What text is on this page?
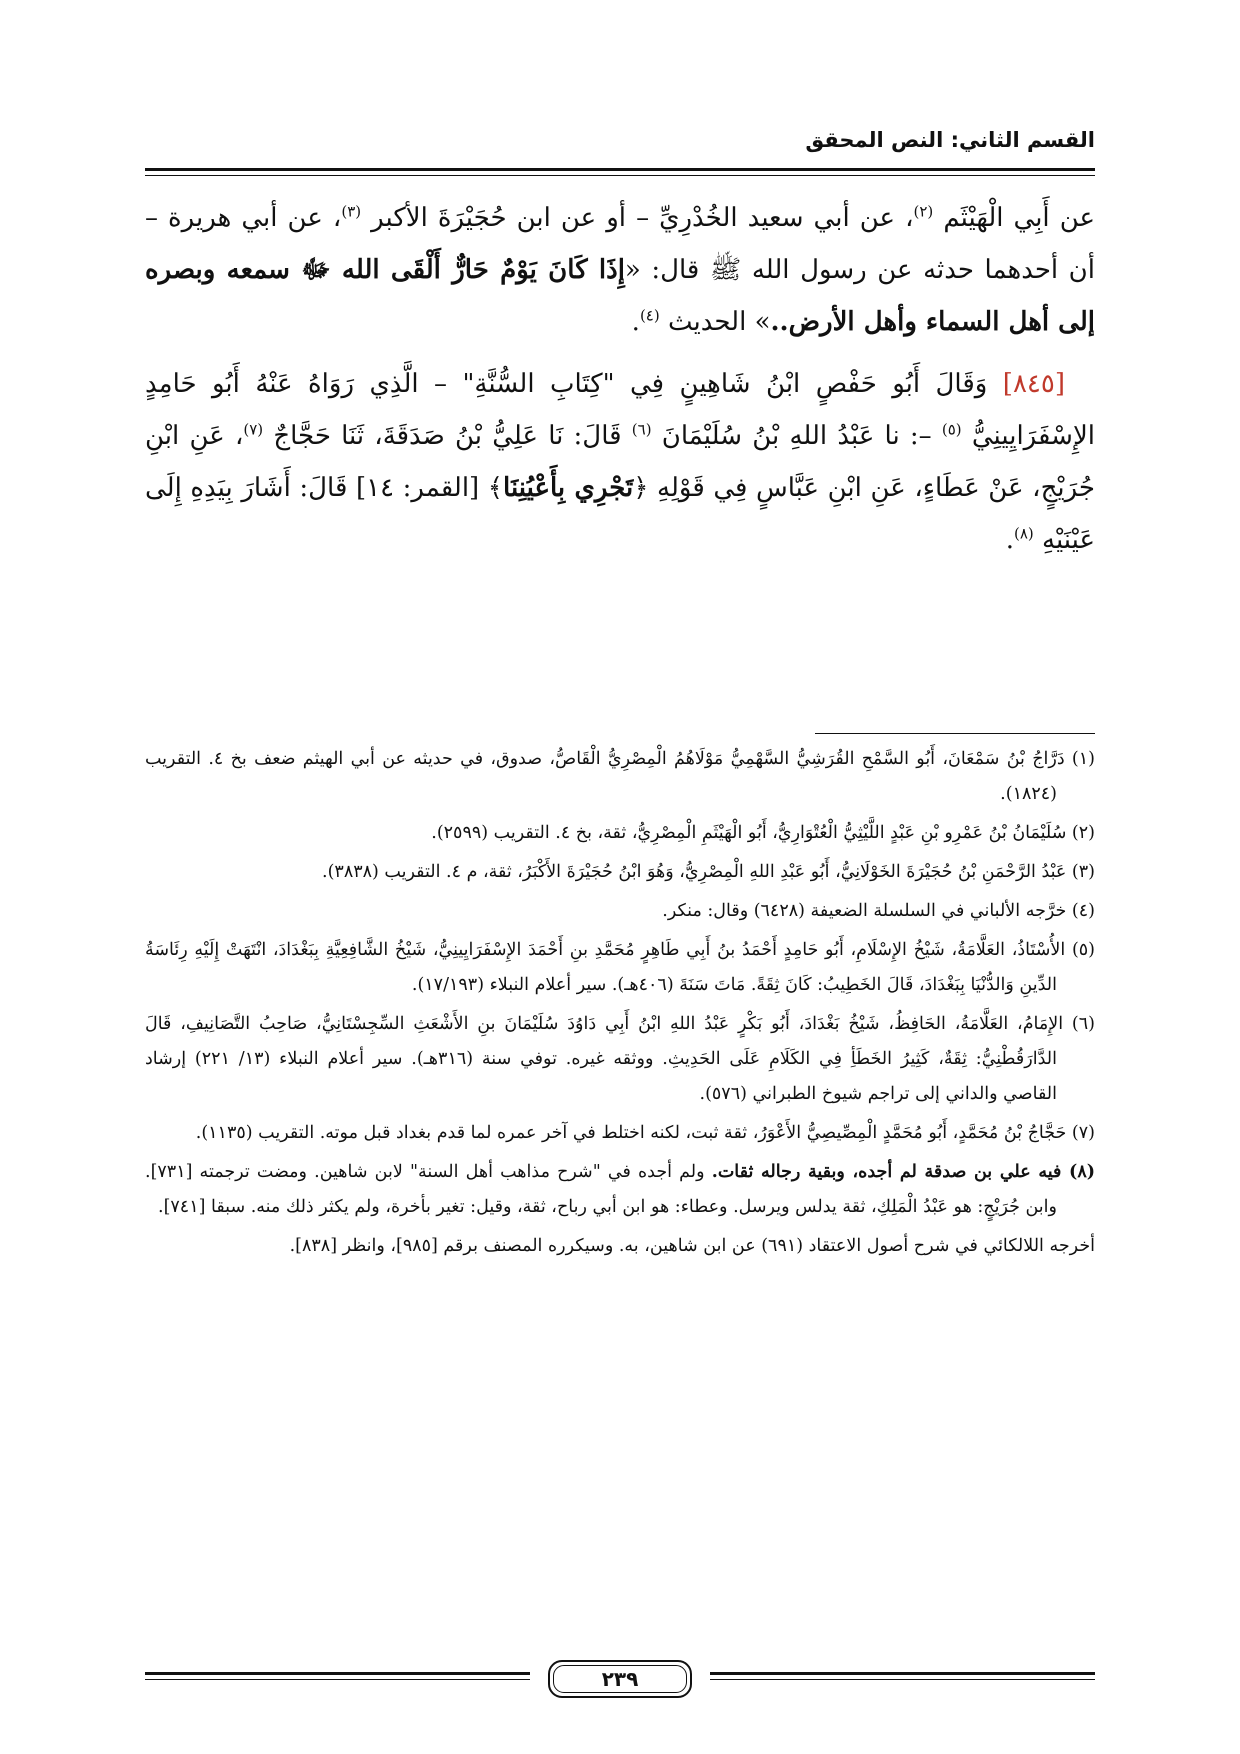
القسم الثاني: النص المحقق

عن أَبِي الْهَيْثَم $^{(٢)}$، عن أبي سعيد الخُدْرِيِّ – أو عن ابن حُجَيْرَةَ الأكبر $^{(٣)}$، عن أبي هريرة – أن أحدهما حدثه عن رسول الله ﷺ قال: «إِذَا كَانَ يَوْمٌ حَارٌّ أَلْقَى الله ﷻ سمعه وبصره إلى أهل السماء وأهل الأرض..» الحديث $^{(٤)}$.

[٨٤٥] وَقَالَ أَبُو حَفْصٍ ابْنُ شَاهِينٍ فِي "كِتَابِ السُّنَّةِ" – الَّذِي رَوَاهُ عَنْهُ أَبُو حَامِدٍ الإِسْفَرَايِينِيُّ $^{(٥)}$ –: نا عَبْدُ اللهِ بْنُ سُلَيْمَانَ $^{(٦)}$ قَالَ: نَا عَلِيُّ بْنُ صَدَقَةَ، ثَنَا حَجَّاجٌ $^{(٧)}$، عَنِ ابْنِ جُرَيْجٍ، عَنْ عَطَاءٍ، عَنِ ابْنِ عَبَّاسٍ فِي قَوْلِهِ ﴿تَجْرِي بِأَعْيُنِنَا﴾ [القمر: ١٤] قَالَ: أَشَارَ بِيَدِهِ إِلَى عَيْنَيْهِ $^{(٨)}$.

(١) دَرَّاجُ بْنُ سَمْعَانَ، أَبُو السَّمْحِ القُرَشِيُّ السَّهْمِيُّ مَوْلَاهُمُ الْمِصْرِيُّ الْقَاصُّ، صدوق، في حديثه عن أبي الهيثم ضعف بخ ٤. التقريب (١٨٢٤).

(٢) سُلَيْمَانُ بْنُ عَمْرِو بْنِ عَبْدٍ اللَّيْثِيُّ الْعُتْوَارِيُّ، أَبُو الْهَيْثَمِ الْمِصْرِيُّ، ثقة، بخ ٤. التقريب (٢٥٩٩).

(٣) عَبْدُ الرَّحْمَنِ بْنُ حُجَيْرَةَ الخَوْلَانِيُّ، أَبُو عَبْدِ اللهِ الْمِصْرِيُّ، وَهُوَ ابْنُ حُجَيْرَةَ الأَكْبَرُ، ثقة، م ٤. التقريب (٣٨٣٨).

(٤) خرَّجه الألباني في السلسلة الضعيفة (٦٤٢٨) وقال: منكر.

(٥) الأُسْتَاذُ، العَلَّامَةُ، شَيْخُ الإِسْلَامِ، أَبُو حَامِدٍ أَحْمَدُ بنُ أَبِي طَاهِرٍ مُحَمَّدِ بنِ أَحْمَدَ الإِسْفَرَايِينِيُّ، شَيْخُ الشَّافِعِيَّةِ بِبَغْدَادَ، انْتَهَتْ إِلَيْهِ رِئَاسَةُ الدِّينِ وَالدُّنْيَا بِبَغْدَادَ، قَالَ الخَطِيبُ: كَانَ ثِقَةً. مَاتَ سَنَةَ (٤٠٦هـ). سير أعلام النبلاء (١٧/١٩٣).

(٦) الإِمَامُ، العَلَّامَةُ، الحَافِظُ، شَيْخُ بَغْدَادَ، أَبُو بَكْرٍ عَبْدُ اللهِ ابْنُ أَبِي دَاوُدَ سُلَيْمَانَ بنِ الأَشْعَثِ السِّجِسْتَانِيُّ، صَاحِبُ التَّصَانِيفِ، قَالَ الدَّارَقُطْنِيُّ: ثِقَةٌ، كَثِيرُ الخَطَأِ فِي الكَلَامِ عَلَى الحَدِيثِ. ووثقه غيره. توفي سنة (٣١٦هـ). سير أعلام النبلاء (١٣/ ٢٢١) إرشاد القاصي والداني إلى تراجم شيوخ الطبراني (٥٧٦).

(٧) حَجَّاجُ بْنُ مُحَمَّدٍ، أَبُو مُحَمَّدٍ الْمِصِّيصِيُّ الأَعْوَرُ، ثقة ثبت، لكنه اختلط في آخر عمره لما قدم بغداد قبل موته. التقريب (١١٣٥).

(٨) فيه علي بن صدقة لم أجده، وبقية رجاله ثقات. ولم أجده في "شرح مذاهب أهل السنة" لابن شاهين. ومضت ترجمته [٧٣١]. وابن جُرَيْجٍ: هو عَبْدُ الْمَلِكِ، ثقة يدلس ويرسل. وعطاء: هو ابن أبي رباح، ثقة، وقيل: تغير بأخرة، ولم يكثر ذلك منه. سبقا [٧٤١].

أخرجه اللالكائي في شرح أصول الاعتقاد (٦٩١) عن ابن شاهين، به. وسيكرره المصنف برقم [٩٨٥]، وانظر [٨٣٨].

٢٣٩
